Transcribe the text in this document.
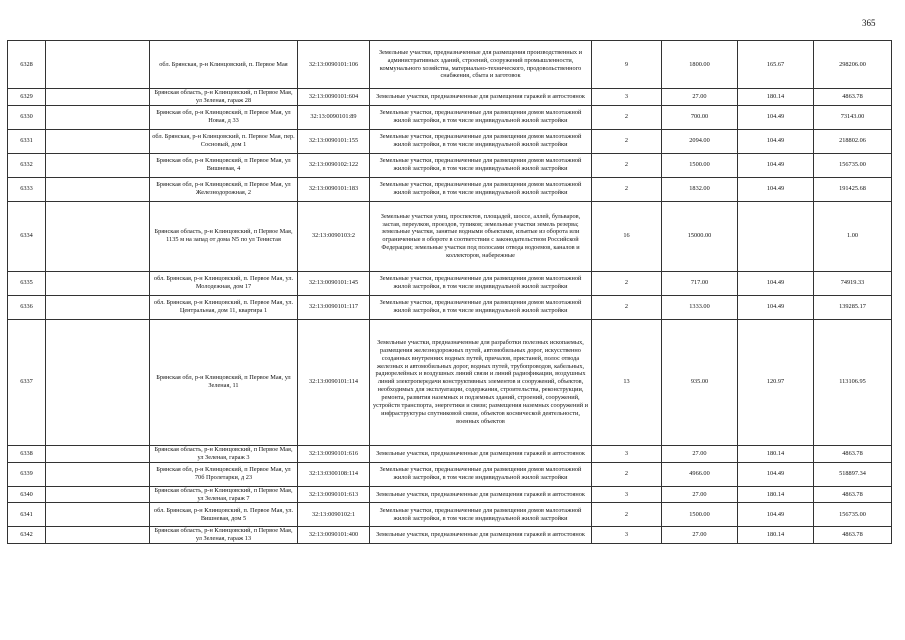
365
6328		обл. Брянская, р-н Клинцовский, п. Первое Мая	32:13:0090101:106	Земельные участки, предназначенные для размещения производственных и административных зданий, строений, сооружений промышленности, коммунального хозяйства, материально-технического, продовольственного снабжения, сбыта и заготовок	9	1800.00	165.67	298206.00
6329		Брянская область, р-н Клинцовский, п Первое Мая, ул Зеленая, гараж 28	32:13:0090101:604	Земельные участки, предназначенные для размещения гаражей и автостоянок	3	27.00	180.14	4863.78
6330		Брянская обл, р-н Клинцовский, п Первое Мая, ул Новая, д 33	32:13:0090101:89	Земельные участки, предназначенные для размещения домов малоэтажной жилой застройки, в том числе индивидуальной жилой застройки	2	700.00	104.49	73143.00
6331		обл. Брянская, р-н Клинцовский, п. Первое Мая, пер. Сосновый, дом 1	32:13:0090101:155	Земельные участки, предназначенные для размещения домов малоэтажной жилой застройки, в том числе индивидуальной жилой застройки	2	2094.00	104.49	218802.06
6332		Брянская обл, р-н Клинцовский, п Первое Мая, ул Вишневая, 4	32:13:0090102:122	Земельные участки, предназначенные для размещения домов малоэтажной жилой застройки, в том числе индивидуальной жилой застройки	2	1500.00	104.49	156735.00
6333		Брянская обл, р-н Клинцовский, п Первое Мая, ул Железнодорожная, 2	32:13:0090101:183	Земельные участки, предназначенные для размещения домов малоэтажной жилой застройки, в том числе индивидуальной жилой застройки	2	1832.00	104.49	191425.68
6334		Брянская область, р-н Клинцовский, п Первое Мая, 1135 м на запад от дома N5 по ул Тенистая	32:13:0090103:2	Земельные участки улиц, проспектов, площадей, шоссе, аллей, бульваров, застав, переулков, проездов, тупиков; земельные участки земель резерва; земельные участки, занятые водными объектами, изъятые из оборота или ограниченные в обороте в соответствии с законодательством Российской Федерации; земельные участки под полосами отвода водоемов, каналов и коллекторов, набережные	16	15000.00		1.00
6335		обл. Брянская, р-н Клинцовский, п. Первое Мая, ул. Молодежная, дом 17	32:13:0090101:145	Земельные участки, предназначенные для размещения домов малоэтажной жилой застройки, в том числе индивидуальной жилой застройки	2	717.00	104.49	74919.33
6336		обл. Брянская, р-н Клинцовский, п. Первое Мая, ул. Центральная, дом 11, квартира 1	32:13:0090101:117	Земельные участки, предназначенные для размещения домов малоэтажной жилой застройки, в том числе индивидуальной жилой застройки	2	1333.00	104.49	139285.17
6337		Брянская обл, р-н Клинцовский, п Первое Мая, ул Зеленая, 11	32:13:0090101:114	Земельные участки, предназначенные для разработки полезных ископаемых, размещения железнодорожных путей, автомобильных дорог, искусственно созданных внутренних водных путей, причалов, пристаней, полос отвода железных и автомобильных дорог, водных путей, трубопроводов, кабельных, радиорелейных и воздушных линий связи и линий радиофикации, воздушных линий электропередачи конструктивных элементов и сооружений, объектов, необходимых для эксплуатации, содержания, строительства, реконструкции, ремонта, развития наземных и подземных зданий, строений, сооружений, устройств транспорта, энергетики и связи; размещения наземных сооружений и инфраструктуры спутниковой связи, объектов космической деятельности, военных объектов	13	935.00	120.97	113106.95
6338		Брянская область, р-н Клинцовский, п Первое Мая, ул Зеленая, гараж 3	32:13:0090101:616	Земельные участки, предназначенные для размещения гаражей и автостоянок	3	27.00	180.14	4863.78
6339		Брянская обл, р-н Клинцовский, п Первое Мая, ул 70б Пролетарки, д 23	32:13:0300108:114	Земельные участки, предназначенные для размещения домов малоэтажной жилой застройки, в том числе индивидуальной жилой застройки	2	4966.00	104.49	518897.34
6340		Брянская область, р-н Клинцовский, п Первое Мая, ул Зеленая, гараж 7	32:13:0090101:613	Земельные участки, предназначенные для размещения гаражей и автостоянок	3	27.00	180.14	4863.78
6341		обл. Брянская, р-н Клинцовский, п. Первое Мая, ул. Вишневая, дом 5	32:13:0090102:1	Земельные участки, предназначенные для размещения домов малоэтажной жилой застройки, в том числе индивидуальной жилой застройки	2	1500.00	104.49	156735.00
6342		Брянская область, р-н Клинцовский, п Первое Мая, ул Зеленая, гараж 13	32:13:0090101:400	Земельные участки, предназначенные для размещения гаражей и автостоянок	3	27.00	180.14	4863.78
